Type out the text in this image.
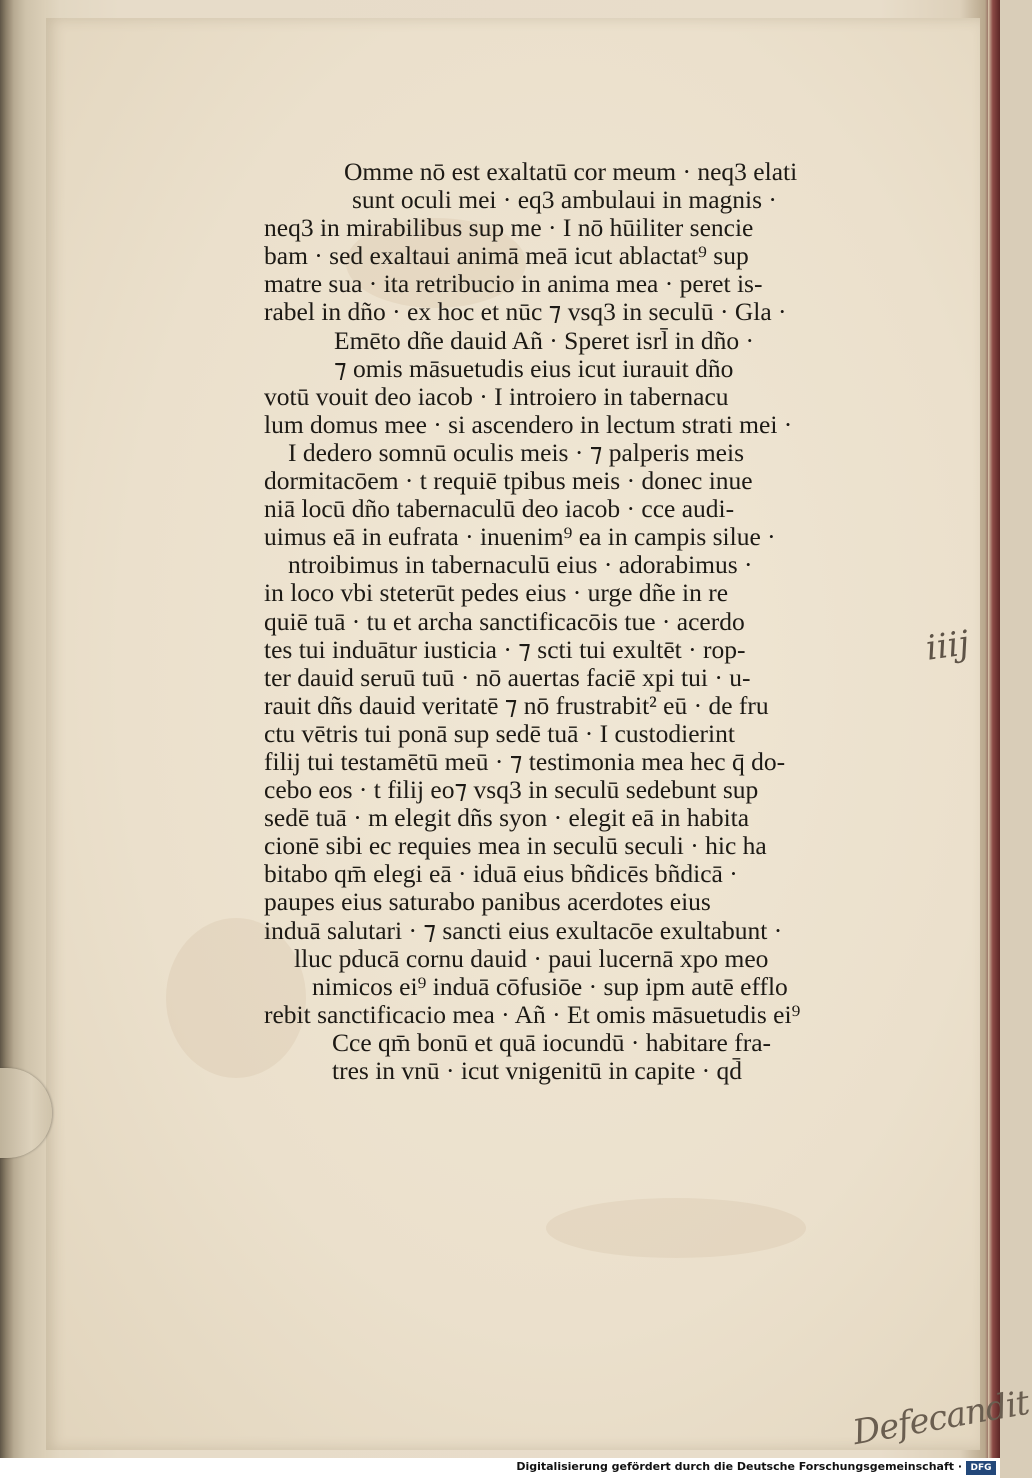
Omme nō est exaltatū cor meum · neq3 elati
sunt oculi mei · eq3 ambulaui in magnis ·
neq3 in mirabilibus sup me · I nō hūiliter sencie
bam · sed exaltaui animā meā icut ablactat⁹ sup
matre sua · ita retribucio in anima mea · peret is-
rabel in dño · ex hoc et nūc ⁊ vsq3 in seculū · Gla ·
Emēto dñe dauid Añ · Speret isrl̄ in dño ·
⁊ omis māsuetudis eius icut iurauit dño
votū vouit deo iacob · I introiero in tabernacu
lum domus mee · si ascendero in lectum strati mei ·
I dedero somnū oculis meis · ⁊ palperis meis
dormitacōem · t requiē tpibus meis · donec inue
niā locū dño tabernaculū deo iacob · cce audi-
uimus eā in eufrata · inuenim⁹ ea in campis silue ·
ntroibimus in tabernaculū eius · adorabimus ·
in loco vbi steterūt pedes eius · urge dñe in re
quiē tuā · tu et archa sanctificacōis tue · acerdo
tes tui induātur iusticia · ⁊ scti tui exultēt · rop-
ter dauid seruū tuū · nō auertas faciē xpi tui · u-
rauit dñs dauid veritatē ⁊ nō frustrabit² eū · de fru
ctu vētris tui ponā sup sedē tuā · I custodierint
filij tui testamētū meū · ⁊ testimonia mea hec q̄ do-
cebo eos · t filij eo⁊ vsq3 in seculū sedebunt sup
sedē tuā · m elegit dñs syon · elegit eā in habita
cionē sibi ec requies mea in seculū seculi · hic ha
bitabo qm̄ elegi eā · iduā eius bñdicēs bñdicā ·
paupes eius saturabo panibus acerdotes eius
induā salutari · ⁊ sancti eius exultacōe exultabunt ·
lluc pducā cornu dauid · paui lucernā xpo meo
nimicos ei⁹ induā cōfusiōe · sup ipm autē efflo
rebit sanctificacio mea · Añ · Et omis māsuetudis ei⁹
Cce qm̄ bonū et quā iocundū · habitare fra-
tres in vnū · icut vnigenitū in capite · qd̄
iiij
Defecandit
Digitalisierung gefördert durch die Deutsche Forschungsgemeinschaft · DFG
